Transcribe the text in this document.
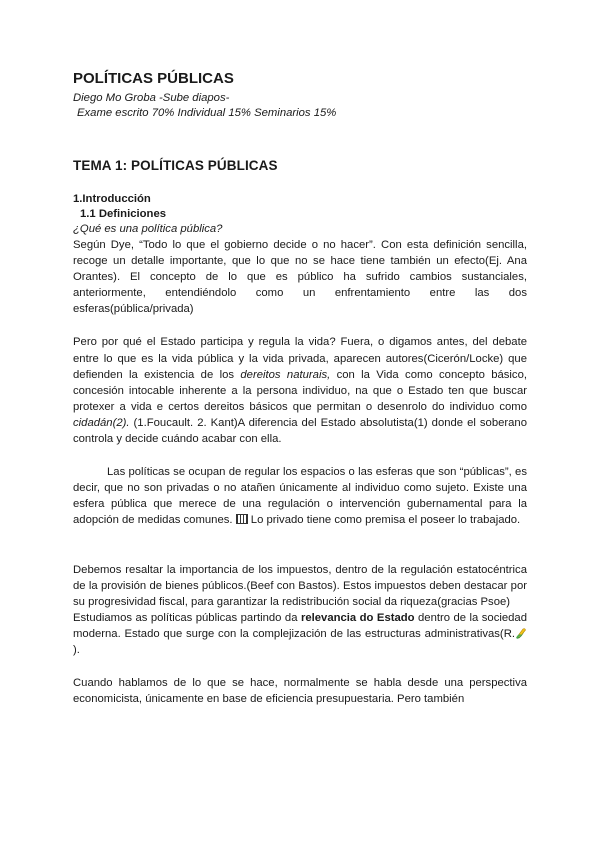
POLÍTICAS PÚBLICAS
Diego Mo Groba -Sube diapos-
Exame escrito 70% Individual 15% Seminarios 15%
TEMA 1: POLÍTICAS PÚBLICAS
1.Introducción
1.1 Definiciones
¿Qué es una política pública?

Según Dye, “Todo lo que el gobierno decide o no hacer”. Con esta definición sencilla, recoge un detalle importante, que lo que no se hace tiene también un efecto(Ej. Ana Orantes). El concepto de lo que es público ha sufrido cambios sustanciales, anteriormente, entendiéndolo como un enfrentamiento entre las dos esferas(pública/privada)

Pero por qué el Estado participa y regula la vida? Fuera, o digamos antes, del debate entre lo que es la vida pública y la vida privada, aparecen autores(Cicerón/Locke) que defienden la existencia de los dereitos naturais, con la Vida como concepto básico, concesión intocable inherente a la persona individuo, na que o Estado ten que buscar protexer a vida e certos dereitos básicos que permitan o desenrolo do individuo como cidadán(2). (1.Foucault. 2. Kant)A diferencia del Estado absolutista(1) donde el soberano controla y decide cuándo acabar con ella.

Las políticas se ocupan de regular los espacios o las esferas que son “públicas”, es decir, que no son privadas o no atañen únicamente al individuo como sujeto. Existe una esfera pública que merece de una regulación o intervención gubernamental para la adopción de medidas comunes.  Lo privado tiene como premisa el poseer lo trabajado.

Debemos resaltar la importancia de los impuestos, dentro de la regulación estatocéntrica de la provisión de bienes públicos.(Beef con Bastos). Estos impuestos deben destacar por su progresividad fiscal, para garantizar la redistribución social da riqueza(gracias Psoe)

Estudiamos as políticas públicas partindo da relevancia do Estado dentro de la sociedad moderna. Estado que surge con la complejización de las estructuras administrativas(R.).

Cuando hablamos de lo que se hace, normalmente se habla desde una perspectiva economicista, únicamente en base de eficiencia presupuestaria. Pero también
